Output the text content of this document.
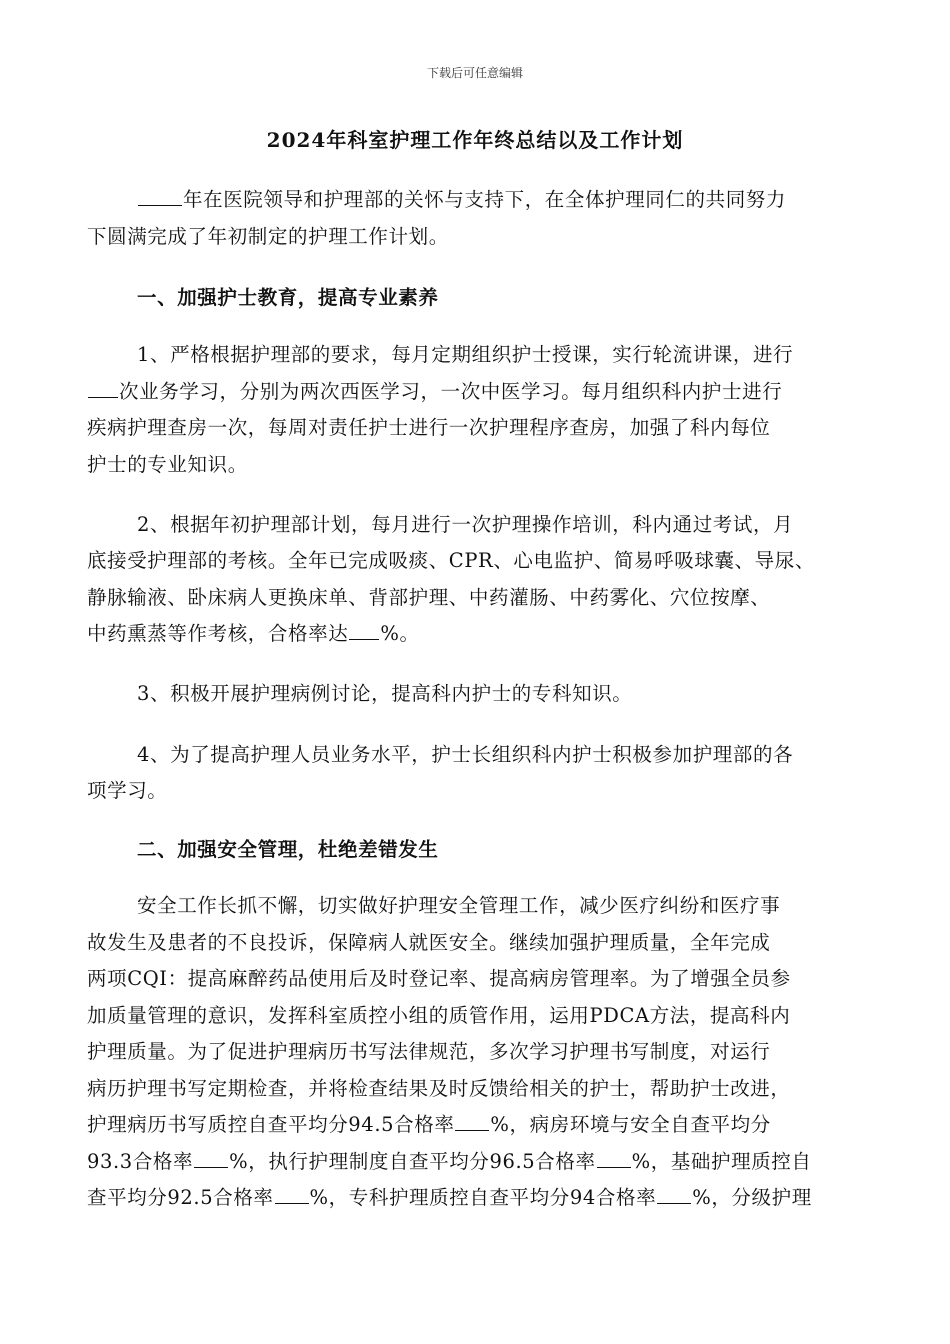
下载后可任意编辑
2024年科室护理工作年终总结以及工作计划
年在医院领导和护理部的关怀与支持下，在全体护理同仁的共同努力
下圆满完成了年初制定的护理工作计划。
一、加强护士教育，提高专业素养
1、严格根据护理部的要求，每月定期组织护士授课，实行轮流讲课，进行
次业务学习，分别为两次西医学习，一次中医学习。每月组织科内护士进行
疾病护理查房一次，每周对责任护士进行一次护理程序查房，加强了科内每位
护士的专业知识。
2、根据年初护理部计划，每月进行一次护理操作培训，科内通过考试，月
底接受护理部的考核。全年已完成吸痰、CPR、心电监护、简易呼吸球囊、导尿、
静脉输液、卧床病人更换床单、背部护理、中药灌肠、中药雾化、穴位按摩、
中药熏蒸等作考核，合格率达 %。
3、积极开展护理病例讨论，提高科内护士的专科知识。
4、为了提高护理人员业务水平，护士长组织科内护士积极参加护理部的各
项学习。
二、加强安全管理，杜绝差错发生
安全工作长抓不懈，切实做好护理安全管理工作，减少医疗纠纷和医疗事
故发生及患者的不良投诉，保障病人就医安全。继续加强护理质量，全年完成
两项CQI：提高麻醉药品使用后及时登记率、提高病房管理率。为了增强全员参
加质量管理的意识，发挥科室质控小组的质管作用，运用PDCA方法，提高科内
护理质量。为了促进护理病历书写法律规范，多次学习护理书写制度，对运行
病历护理书写定期检查，并将检查结果及时反馈给相关的护士，帮助护士改进，
护理病历书写质控自查平均分94.5合格率 %，病房环境与安全自查平均分
93.3合格率 %，执行护理制度自查平均分96.5合格率 %，基础护理质控自
查平均分92.5合格率 %，专科护理质控自查平均分94合格率 %，分级护理
